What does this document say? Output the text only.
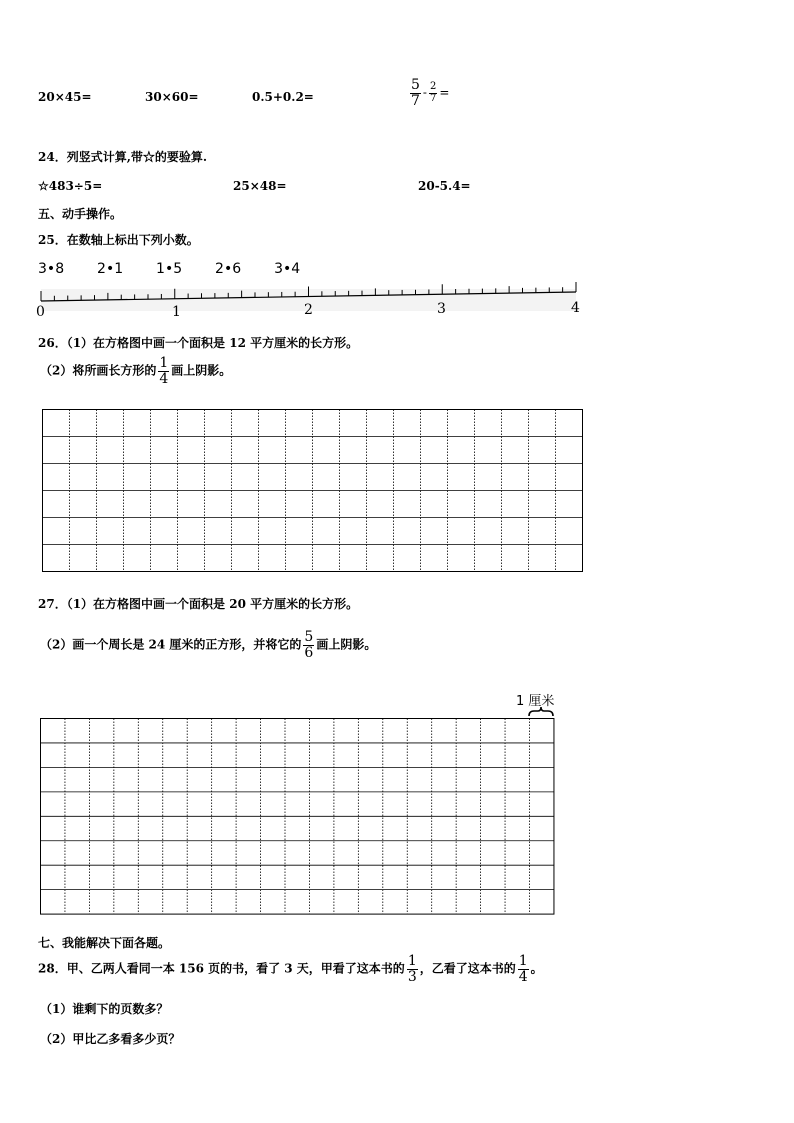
20×45=	30×60=	0.5+0.2=	$\frac{5}{7} - \frac{2}{7}$ =
24．列竖式计算,带☆的要验算.
☆483÷5=	25×48=	20-5.4=
五、动手操作。
25．在数轴上标出下列小数。
3•8 2•1 1•5 2•6 3•4
0	1	2	3	4
26．（1）在方格图中画一个面积是 12 平方厘米的长方形。
（2）将所画长方形的 $\frac{1}{4}$ 画上阴影。
27．（1）在方格图中画一个面积是 20 平方厘米的长方形。
（2）画一个周长是 24 厘米的正方形，并将它的 $\frac{5}{6}$ 画上阴影。
1 厘米
七、我能解决下面各题。
28．甲、乙两人看同一本 156 页的书，看了 3 天，甲看了这本书的 $\frac{1}{3}$ ，乙看了这本书的 $\frac{1}{4}$ 。
（1）谁剩下的页数多？
（2）甲比乙多看多少页？
